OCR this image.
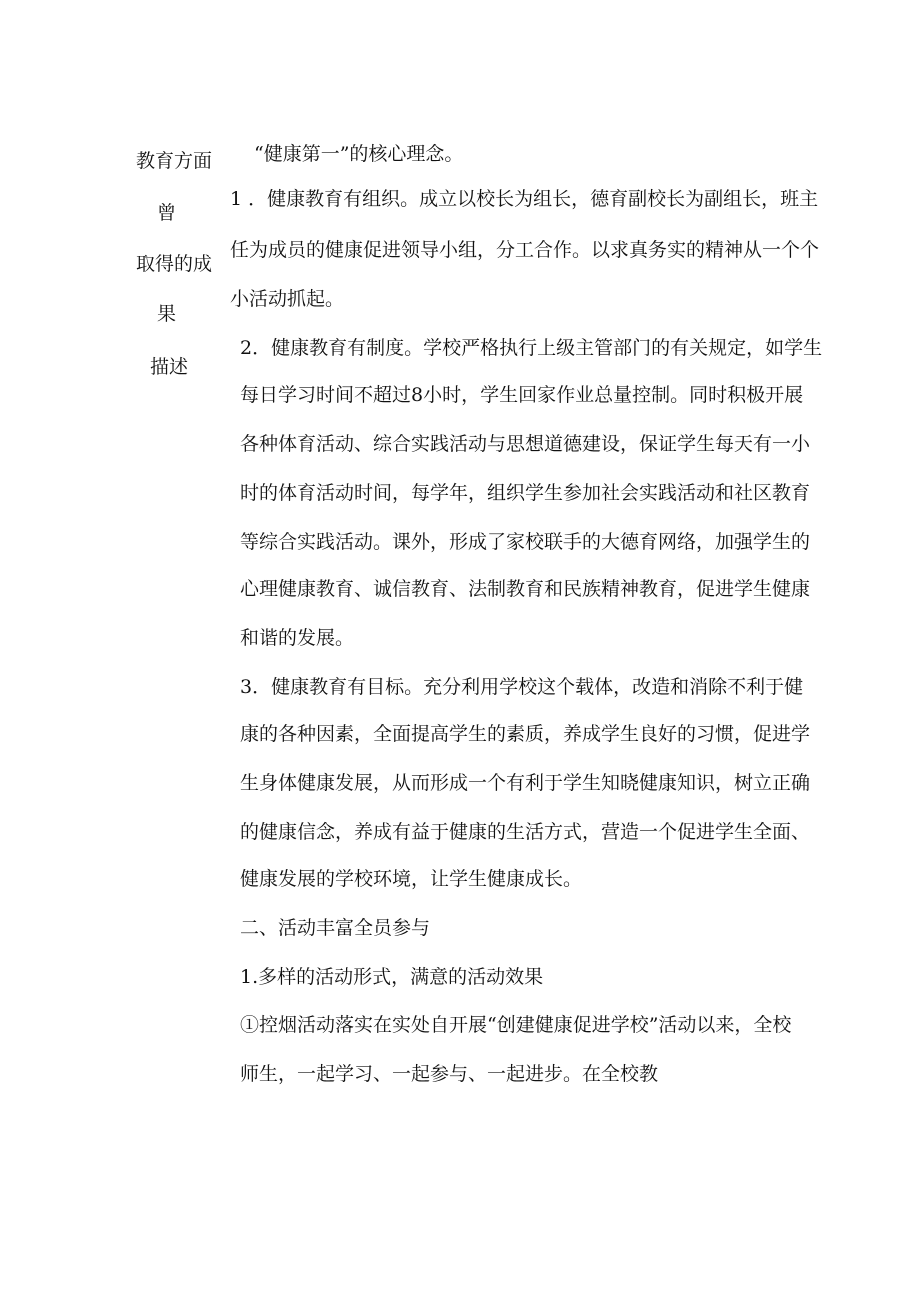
教育方面
曾
取得的成
果
描述
“健康第一”的核心理念。
1 ．健康教育有组织。成立以校长为组长，德育副校长为副组长，班主
任为成员的健康促进领导小组，分工合作。以求真务实的精神从一个个
小活动抓起。
2．健康教育有制度。学校严格执行上级主管部门的有关规定，如学生
每日学习时间不超过8小时，学生回家作业总量控制。同时积极开展
各种体育活动、综合实践活动与思想道德建设，保证学生每天有一小
时的体育活动时间，每学年，组织学生参加社会实践活动和社区教育
等综合实践活动。课外，形成了家校联手的大德育网络，加强学生的
心理健康教育、诚信教育、法制教育和民族精神教育，促进学生健康
和谐的发展。
3．健康教育有目标。充分利用学校这个载体，改造和消除不利于健
康的各种因素，全面提高学生的素质，养成学生良好的习惯，促进学
生身体健康发展，从而形成一个有利于学生知晓健康知识，树立正确
的健康信念，养成有益于健康的生活方式，营造一个促进学生全面、
健康发展的学校环境，让学生健康成长。
二、活动丰富全员参与
1.多样的活动形式，满意的活动效果
①控烟活动落实在实处自开展“创建健康促进学校”活动以来，全校
师生，一起学习、一起参与、一起进步。在全校教
